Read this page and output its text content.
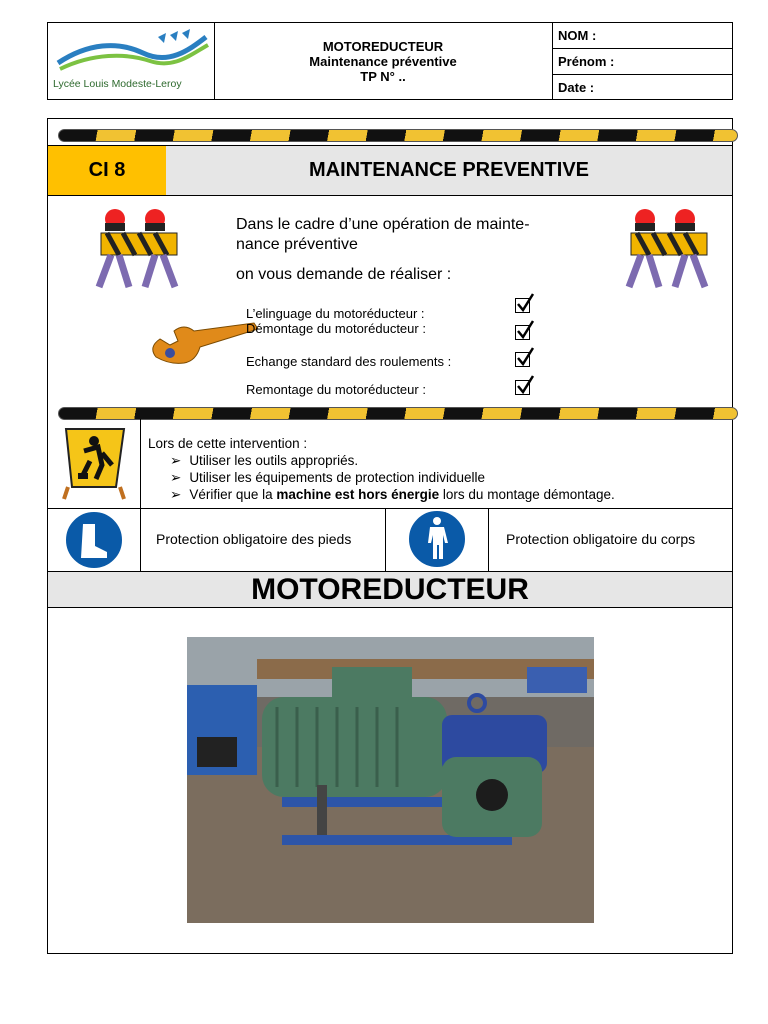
Lycée Louis Modeste-Leroy
MOTOREDUCTEUR
Maintenance préventive
TP N° ..
NOM :
Prénom :
Date :
CI 8	MAINTENANCE PREVENTIVE
Dans le cadre d’une opération de mainte-
nance préventive
on vous demande de réaliser :
L’elinguage du motoréducteur :
Démontage du motoréducteur :
Echange standard des roulements :
Remontage du motoréducteur :
Lors de cette intervention :
➢ Utiliser les outils appropriés.
➢ Utiliser les équipements de protection individuelle
➢ Vérifier que la machine est hors énergie lors du montage démontage.
Protection obligatoire des pieds	Protection obligatoire du corps
MOTOREDUCTEUR
